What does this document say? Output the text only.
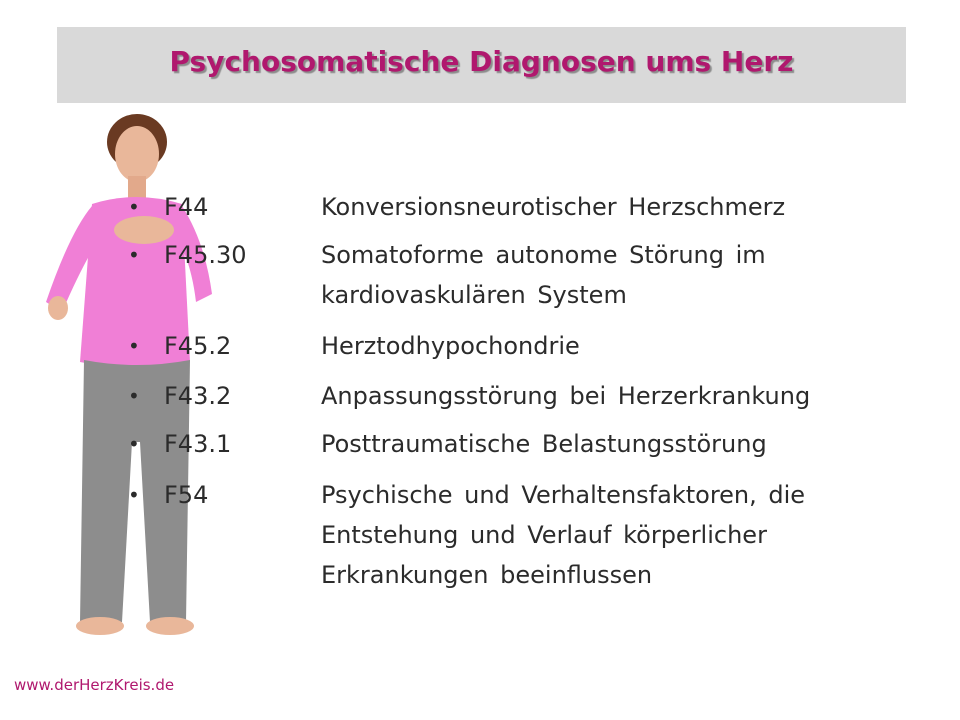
Psychosomatische Diagnosen ums Herz
• F44	Konversionsneurotischer Herzschmerz
• F45.30	Somatoforme autonome Störung im
kardiovaskulären System
• F45.2	Herztodhypochondrie
• F43.2	Anpassungsstörung bei Herzerkrankung
• F43.1	Posttraumatische Belastungsstörung
• F54	Psychische und Verhaltensfaktoren, die
Entstehung und Verlauf körperlicher
Erkrankungen beeinflussen
www.derHerzKreis.de
